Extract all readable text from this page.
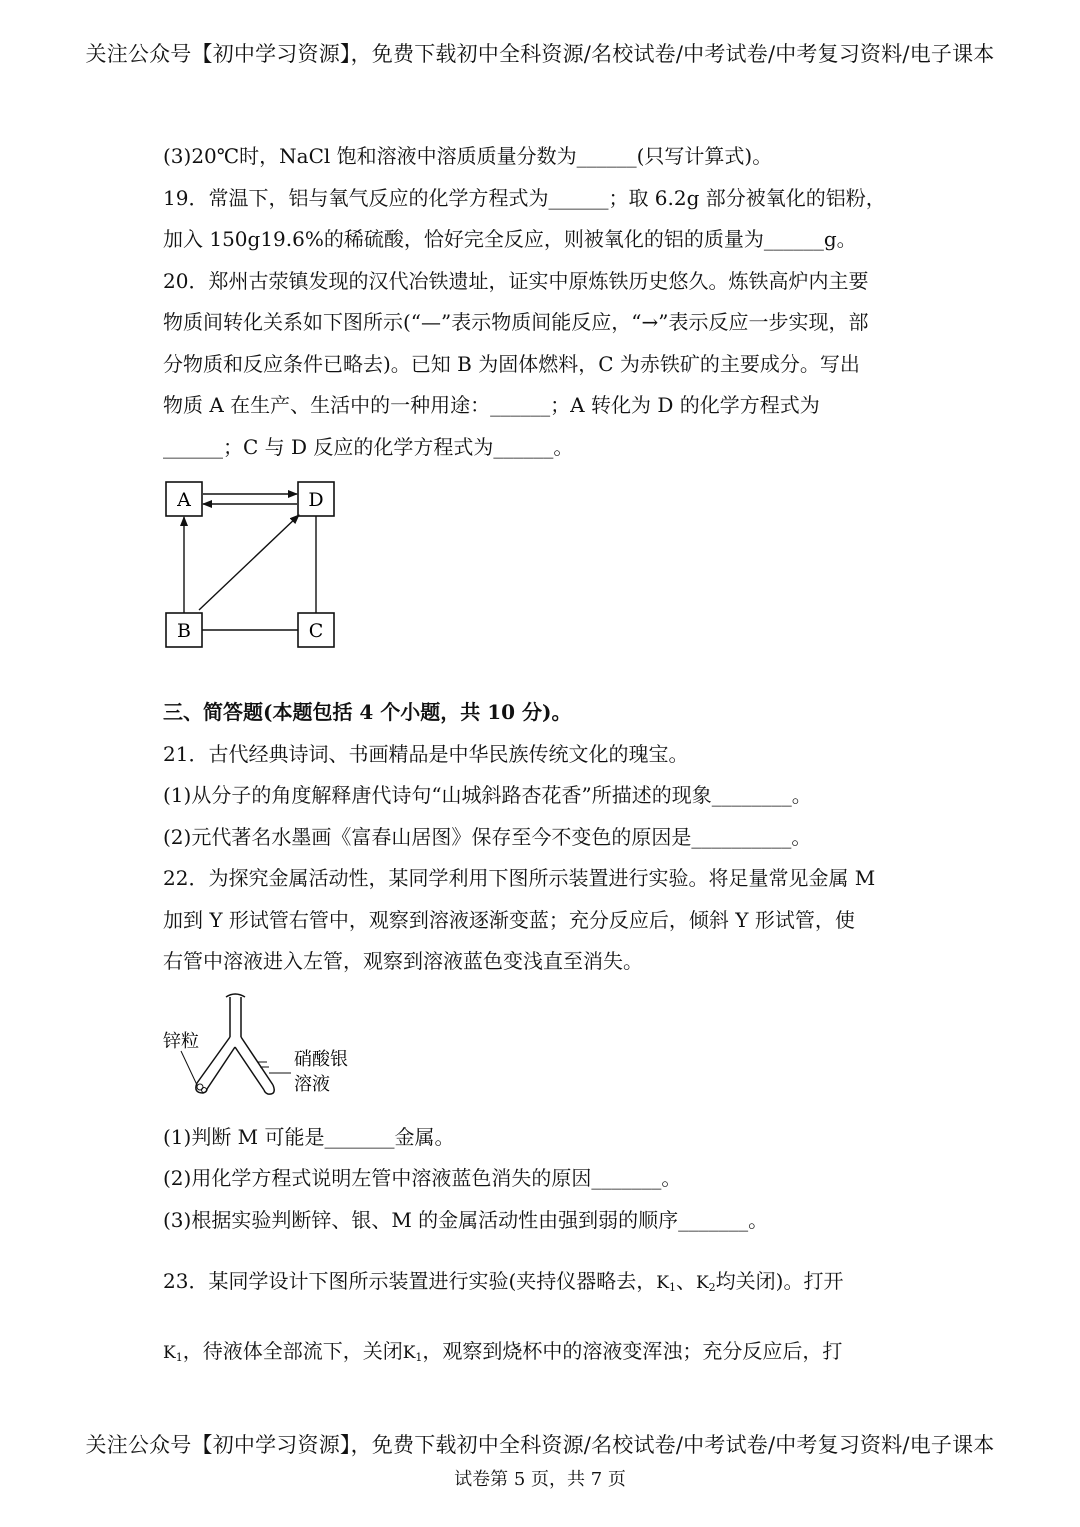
关注公众号【初中学习资源】，免费下载初中全科资源/名校试卷/中考试卷/中考复习资料/电子课本
(3)20℃时，NaCl 饱和溶液中溶质质量分数为______(只写计算式)。
19．常温下，铝与氧气反应的化学方程式为______；取 6.2g 部分被氧化的铝粉，
加入 150g19.6%的稀硫酸，恰好完全反应，则被氧化的铝的质量为______g。
20．郑州古荥镇发现的汉代冶铁遗址，证实中原炼铁历史悠久。炼铁高炉内主要
物质间转化关系如下图所示(“—”表示物质间能反应，“→”表示反应一步实现，部
分物质和反应条件已略去)。已知 B 为固体燃料，C 为赤铁矿的主要成分。写出
物质 A 在生产、生活中的一种用途：______；A 转化为 D 的化学方程式为
______；C 与 D 反应的化学方程式为______。
A	D
B	C
三、简答题(本题包括 4 个小题，共 10 分)。
21．古代经典诗词、书画精品是中华民族传统文化的瑰宝。
(1)从分子的角度解释唐代诗句“山城斜路杏花香”所描述的现象________。
(2)元代著名水墨画《富春山居图》保存至今不变色的原因是__________。
22．为探究金属活动性，某同学利用下图所示装置进行实验。将足量常见金属 M
加到 Y 形试管右管中，观察到溶液逐渐变蓝；充分反应后，倾斜 Y 形试管，使
右管中溶液进入左管，观察到溶液蓝色变浅直至消失。
锌粒
硝酸银
溶液
(1)判断 M 可能是_______金属。
(2)用化学方程式说明左管中溶液蓝色消失的原因_______。
(3)根据实验判断锌、银、M 的金属活动性由强到弱的顺序_______。
23．某同学设计下图所示装置进行实验(夹持仪器略去，$K_1$、$K_2$均关闭)。打开
$K_1$，待液体全部流下，关闭$K_1$，观察到烧杯中的溶液变浑浊；充分反应后，打
关注公众号【初中学习资源】，免费下载初中全科资源/名校试卷/中考试卷/中考复习资料/电子课本
试卷第 5 页，共 7 页
